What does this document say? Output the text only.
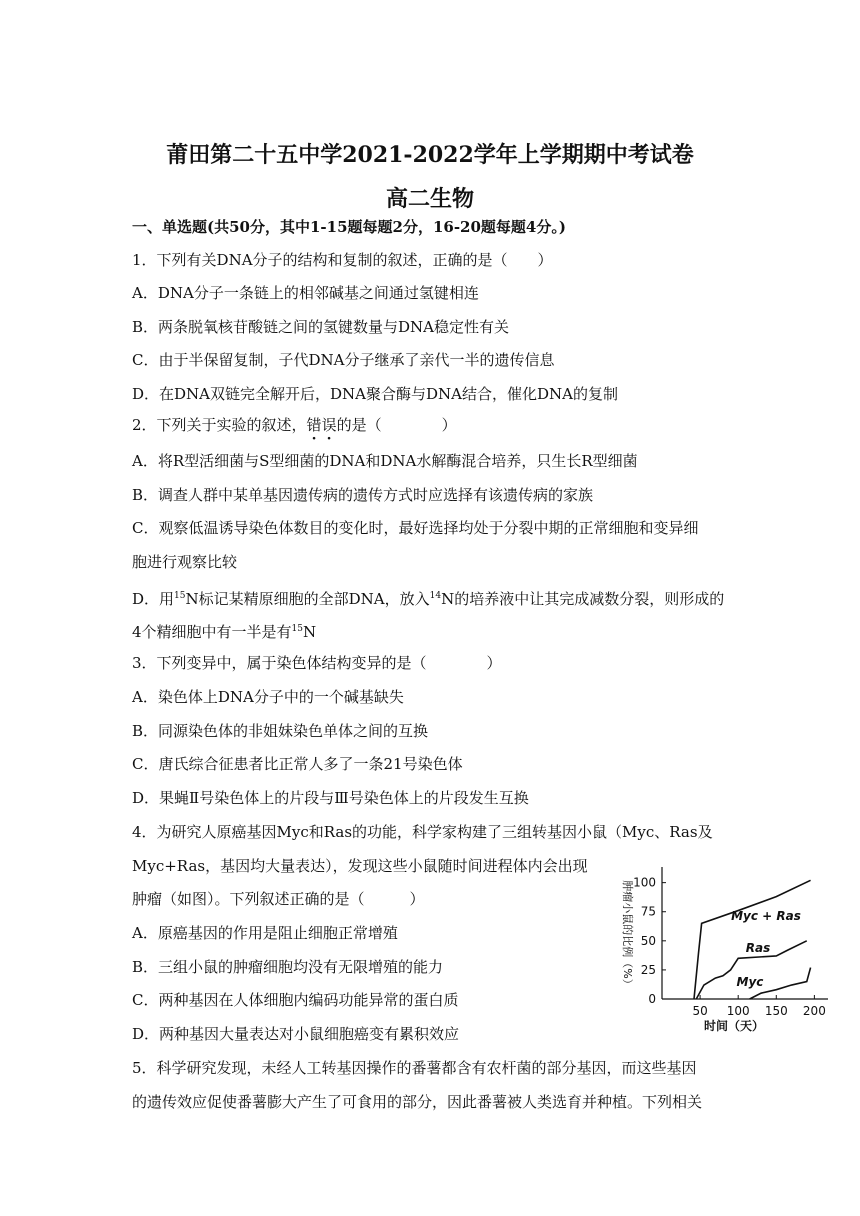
莆田第二十五中学2021-2022学年上学期期中考试卷
高二生物
一、单选题(共50分，其中1-15题每题2分，16-20题每题4分。)
1．下列有关DNA分子的结构和复制的叙述，正确的是（　　）
A．DNA分子一条链上的相邻碱基之间通过氢键相连
B．两条脱氧核苷酸链之间的氢键数量与DNA稳定性有关
C．由于半保留复制，子代DNA分子继承了亲代一半的遗传信息
D．在DNA双链完全解开后，DNA聚合酶与DNA结合，催化DNA的复制
2．下列关于实验的叙述，错误的是（　　　　）
A．将R型活细菌与S型细菌的DNA和DNA水解酶混合培养，只生长R型细菌
B．调查人群中某单基因遗传病的遗传方式时应选择有该遗传病的家族
C．观察低温诱导染色体数目的变化时，最好选择均处于分裂中期的正常细胞和变异细
胞进行观察比较
D．用$^{15}$N标记某精原细胞的全部DNA，放入$^{14}$N的培养液中让其完成减数分裂，则形成的
4个精细胞中有一半是有$^{15}$N
3．下列变异中，属于染色体结构变异的是（　　　　）
A．染色体上DNA分子中的一个碱基缺失
B．同源染色体的非姐妹染色单体之间的互换
C．唐氏综合征患者比正常人多了一条21号染色体
D．果蝇Ⅱ号染色体上的片段与Ⅲ号染色体上的片段发生互换
4．为研究人原癌基因Myc和Ras的功能，科学家构建了三组转基因小鼠（Myc、Ras及
Myc+Ras，基因均大量表达），发现这些小鼠随时间进程体内会出现
肿瘤（如图）。下列叙述正确的是（　　　）
A．原癌基因的作用是阻止细胞正常增殖
B．三组小鼠的肿瘤细胞均没有无限增殖的能力
C．两种基因在人体细胞内编码功能异常的蛋白质
D．两种基因大量表达对小鼠细胞癌变有累积效应
5．科学研究发现，未经人工转基因操作的番薯都含有农杆菌的部分基因，而这些基因
的遗传效应促使番薯膨大产生了可食用的部分，因此番薯被人类选育并种植。下列相关
0
25
50
75
100
50 100 150 200
时间（天）
肿瘤小鼠的比例（%）	Myc + Ras
Ras
Myc
